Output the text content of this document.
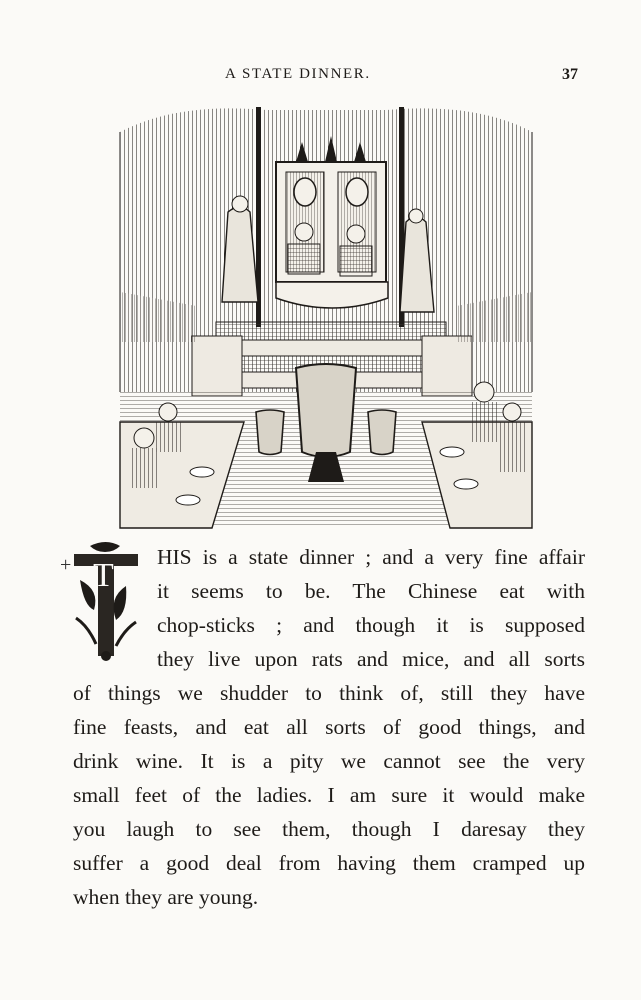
A STATE DINNER.	37
+ T HIS is a state dinner ; and a very fine affair
it seems to be. The Chinese eat with
chop-sticks ; and though it is supposed
they live upon rats and mice, and all sorts
of things we shudder to think of, still they have
fine feasts, and eat all sorts of good things, and
drink wine. It is a pity we cannot see the very
small feet of the ladies. I am sure it would make
you laugh to see them, though I daresay they
suffer a good deal from having them cramped up
when they are young.
